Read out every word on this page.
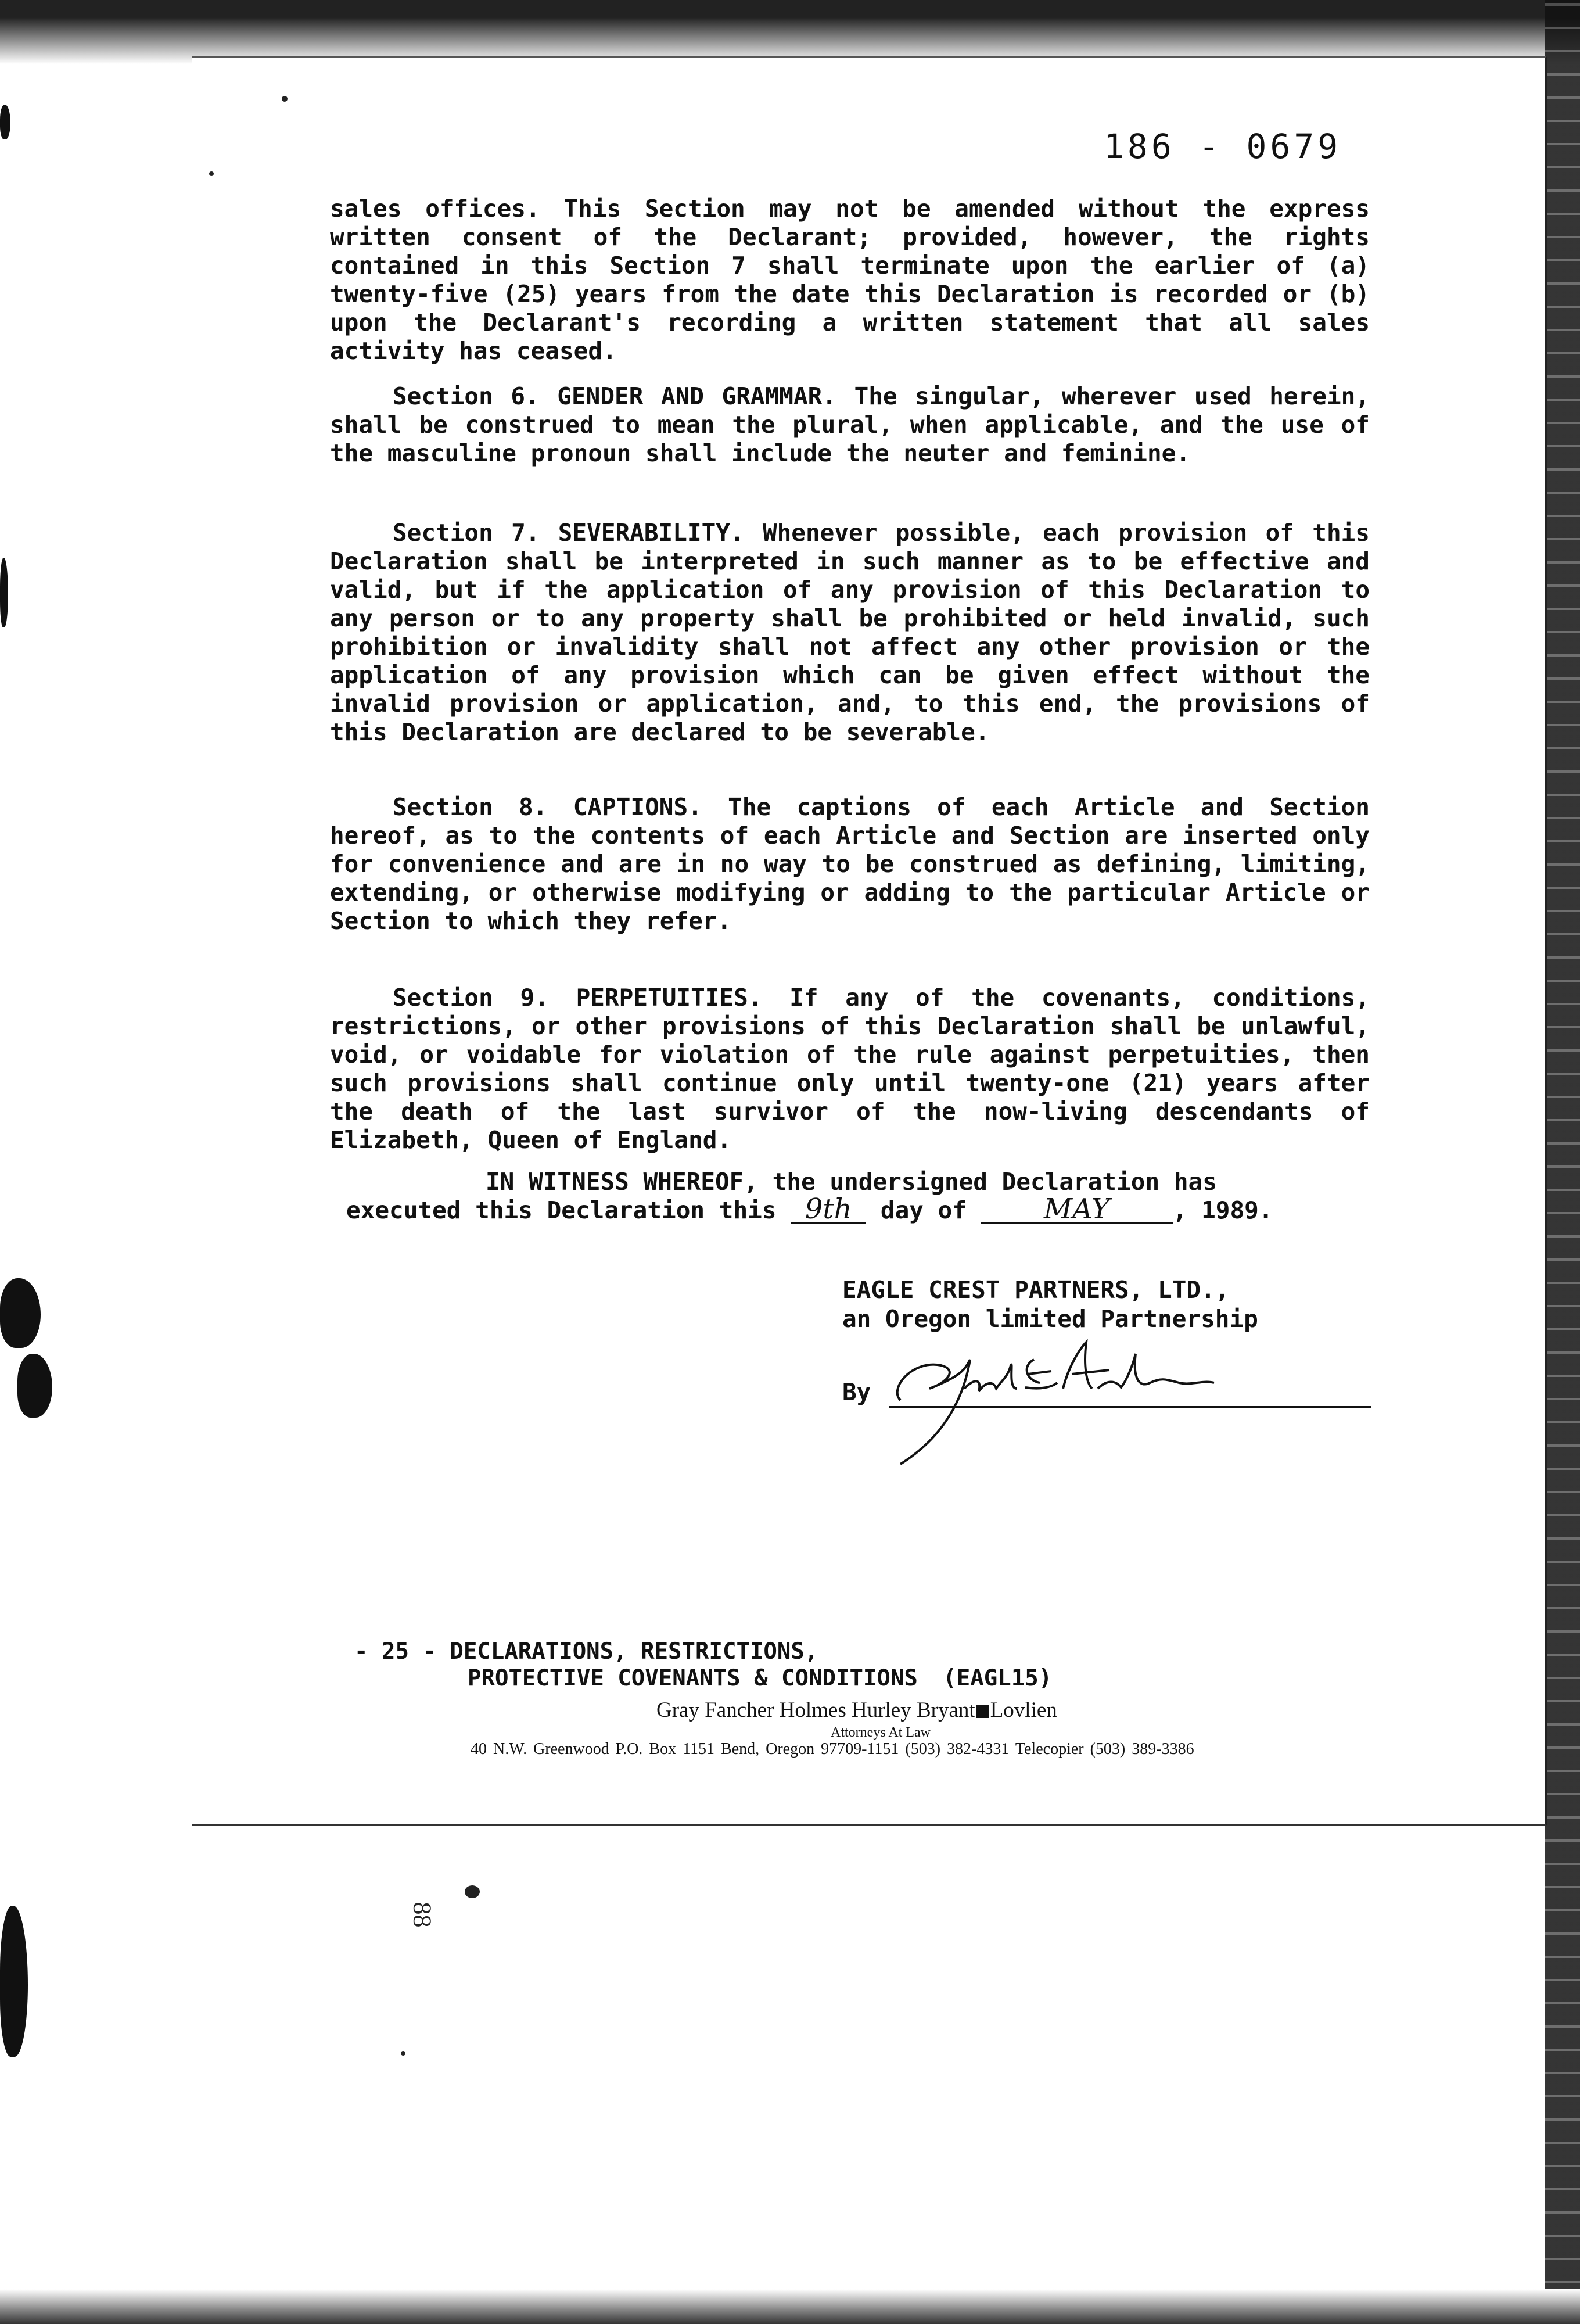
186 - 0679
sales offices. This Section may not be amended without the express written consent of the Declarant; provided, however, the rights contained in this Section 7 shall terminate upon the earlier of (a) twenty-five (25) years from the date this Declaration is recorded or (b) upon the Declarant's recording a written statement that all sales activity has ceased.
Section 6. GENDER AND GRAMMAR. The singular, wherever used herein, shall be construed to mean the plural, when applicable, and the use of the masculine pronoun shall include the neuter and feminine.
Section 7. SEVERABILITY. Whenever possible, each provision of this Declaration shall be interpreted in such manner as to be effective and valid, but if the application of any provision of this Declaration to any person or to any property shall be prohibited or held invalid, such prohibition or invalidity shall not affect any other provision or the application of any provision which can be given effect without the invalid provision or application, and, to this end, the provisions of this Declaration are declared to be severable.
Section 8. CAPTIONS. The captions of each Article and Section hereof, as to the contents of each Article and Section are inserted only for convenience and are in no way to be construed as defining, limiting, extending, or otherwise modifying or adding to the particular Article or Section to which they refer.
Section 9. PERPETUITIES. If any of the covenants, conditions, restrictions, or other provisions of this Declaration shall be unlawful, void, or voidable for violation of the rule against perpetuities, then such provisions shall continue only until twenty-one (21) years after the death of the last survivor of the now-living descendants of Elizabeth, Queen of England.
IN WITNESS WHEREOF, the undersigned Declaration has
executed this Declaration this 9th day of	MAY	, 1989.
EAGLE CREST PARTNERS, LTD.,
an Oregon limited Partnership
By
- 25 - DECLARATIONS, RESTRICTIONS,
PROTECTIVE COVENANTS & CONDITIONS (EAGL15)
Gray Fancher Holmes Hurley Bryant Lovlien
Attorneys At Law
40 N.W. Greenwood P.O. Box 1151 Bend, Oregon 97709-1151 (503) 382-4331 Telecopier (503) 389-3386
88
